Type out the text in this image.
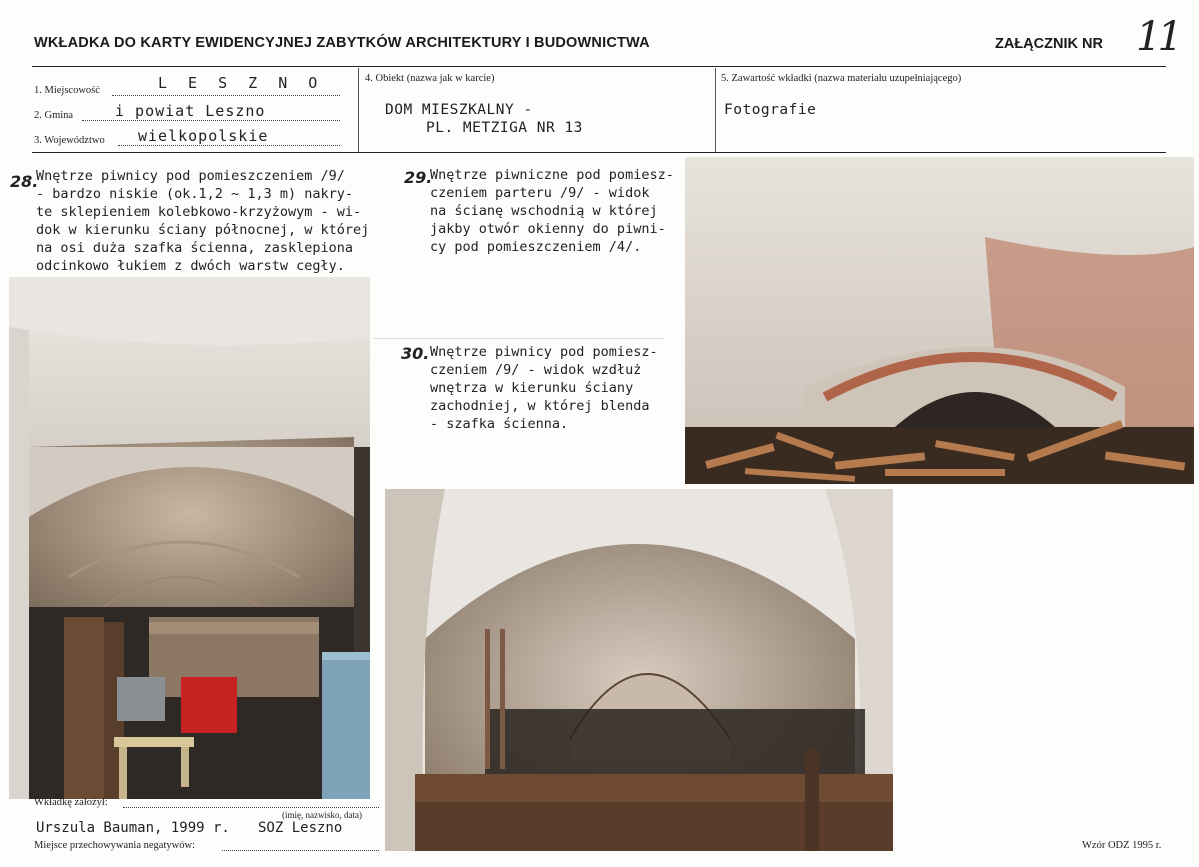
WKŁADKA DO KARTY EWIDENCYJNEJ ZABYTKÓW ARCHITEKTURY I BUDOWNICTWA	ZAŁĄCZNIK NR 11
1. Miejscowość	L E S Z N O
2. Gmina	i powiat Leszno
3. Województwo wielkopolskie
4. Obiekt (nazwa jak w karcie)
DOM MIESZKALNY -
PL. METZIGA NR 13
5. Zawartość wkładki (nazwa materiału uzupełniającego)
Fotografie
28.
Wnętrze piwnicy pod pomieszczeniem /9/
- bardzo niskie (ok.1,2 ~ 1,3 m) nakry-
te sklepieniem kolebkowo-krzyżowym - wi-
dok w kierunku ściany północnej, w której
na osi duża szafka ścienna, zasklepiona
odcinkowo łukiem z dwóch warstw cegły.
29.
Wnętrze piwniczne pod pomiesz-
czeniem parteru /9/ - widok
na ścianę wschodnią w której
jakby otwór okienny do piwni-
cy pod pomieszczeniem /4/.
30. Wnętrze piwnicy pod pomiesz-
czeniem /9/ - widok wzdłuż
wnętrza w kierunku ściany
zachodniej, w której blenda
- szafka ścienna.
Wkładkę założył:
(imię, nazwisko, data)
Urszula Bauman, 1999 r. SOZ Leszno
Miejsce przechowywania negatywów:	Wzór ODZ 1995 r.
